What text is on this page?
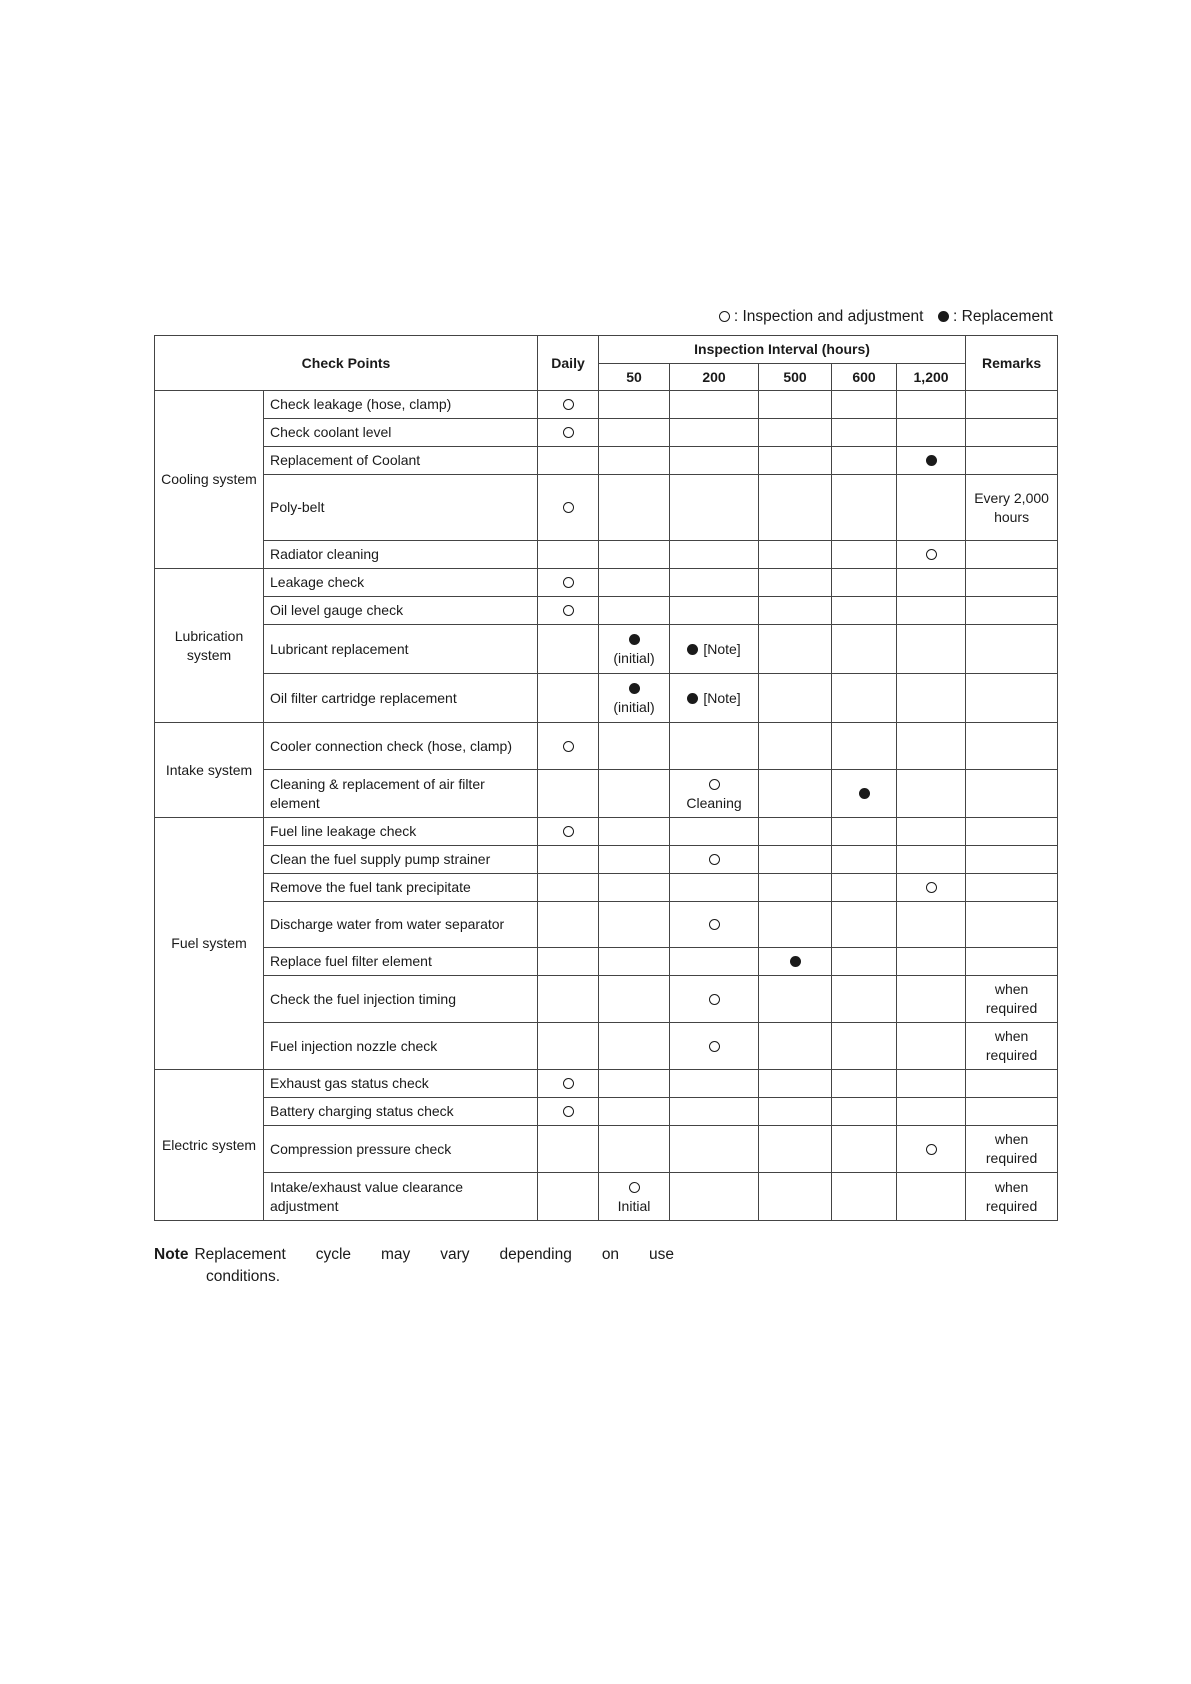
: Inspection and adjustment : Replacement
Check Points		Daily	Inspection Interval (hours)					Remarks
			50	200	500	600	1,200	
Cooling system	Check leakage (hose, clamp)							
	Check coolant level							
	Replacement of Coolant							
	Poly-belt							Every 2,000 hours
	Radiator cleaning							
Lubrication system	Leakage check							
	Oil level gauge check							
	Lubricant replacement		(initial)	[Note]				
	Oil filter cartridge replacement		(initial)	[Note]				
Intake system	Cooler connection check (hose, clamp)							
	Cleaning & replacement of air filter element			Cleaning				

Fuel system	Fuel line leakage check							
	Clean the fuel supply pump strainer							
	Remove the fuel tank precipitate							
	Discharge water from water separator							
	Replace fuel filter element							
	Check the fuel injection timing							when required
	Fuel injection nozzle check							when required
Electric system	Exhaust gas status check							
	Battery charging status check							
	Compression pressure check							when required
	Intake/exhaust value clearance adjustment		Initial					when required
Note Replacement cycle may vary depending on use
conditions.
